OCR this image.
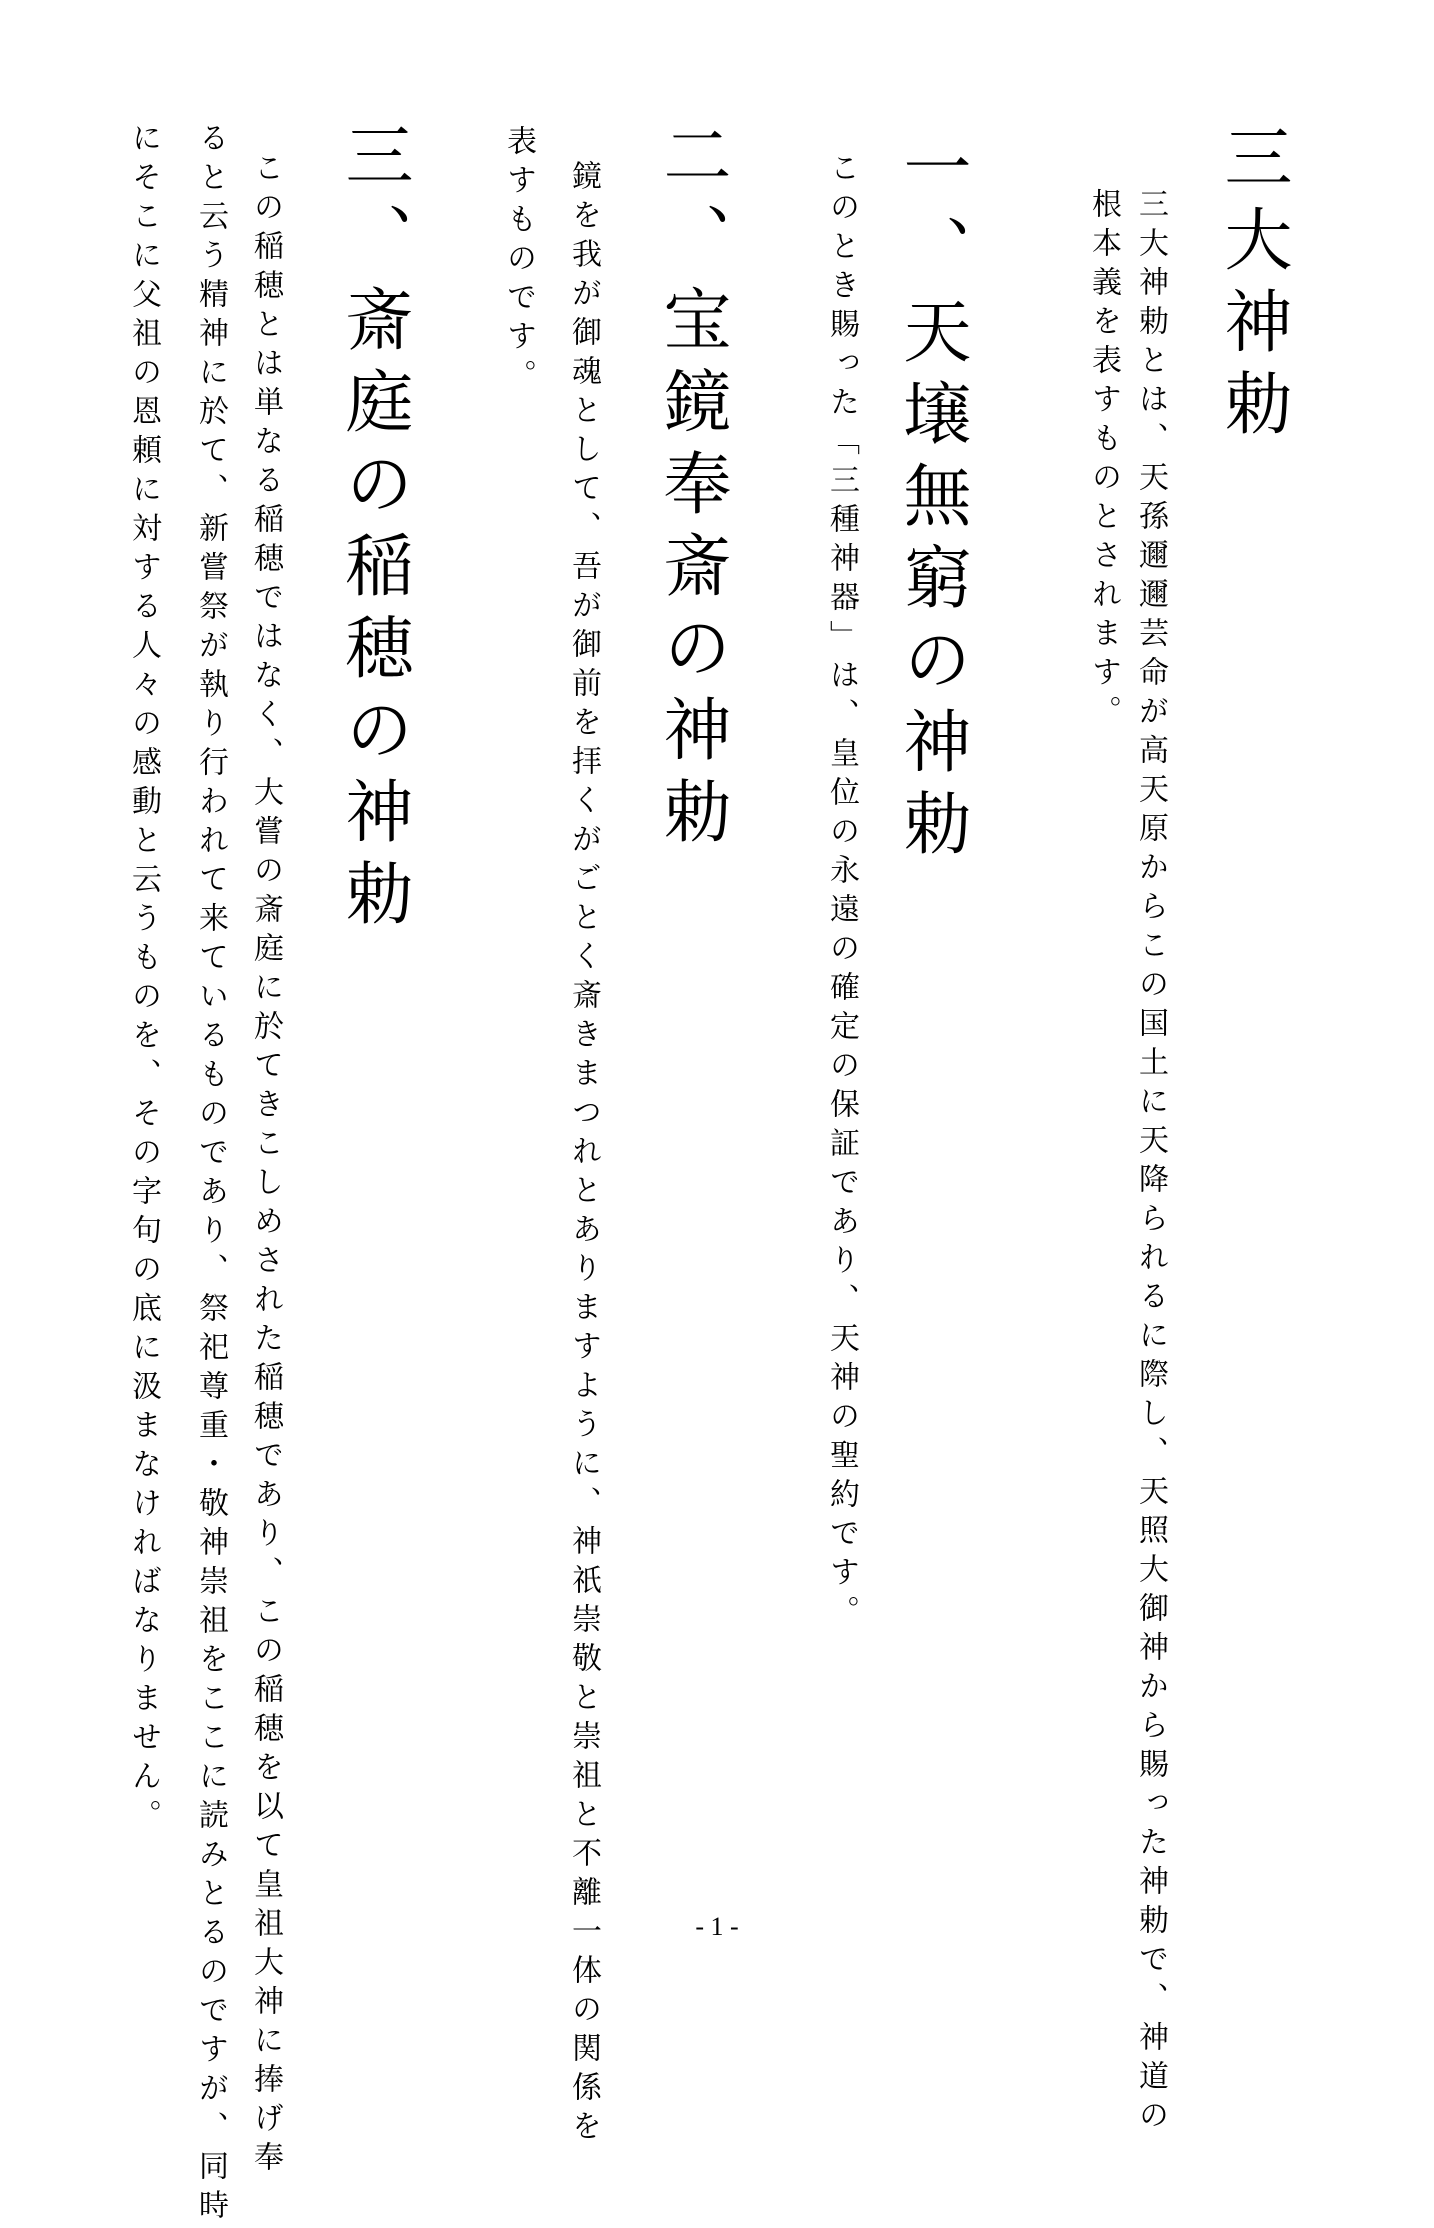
三大神勅

三大神勅とは、天孫邇邇芸命が高天原からこの国土に天降られるに際し、天照大御神から賜った神勅で、神道の

根本義を表すものとされます。

一、天壌無窮の神勅

このとき賜った「三種神器」は、皇位の永遠の確定の保証であり、天神の聖約です。

二、宝鏡奉斎の神勅

鏡を我が御魂として、吾が御前を拝くがごとく斎きまつれとありますように、神祇崇敬と崇祖と不離一体の関係を

表すものです。

三、斎庭の稲穂の神勅

この稲穂とは単なる稲穂ではなく、大嘗の斎庭に於てきこしめされた稲穂であり、この稲穂を以て皇祖大神に捧げ奉

ると云う精神に於て、新嘗祭が執り行われて来ているものであり、祭祀尊重・敬神崇祖をここに読みとるのですが、同時

にそこに父祖の恩頼に対する人々の感動と云うものを、その字句の底に汲まなければなりません。

- 1 -
